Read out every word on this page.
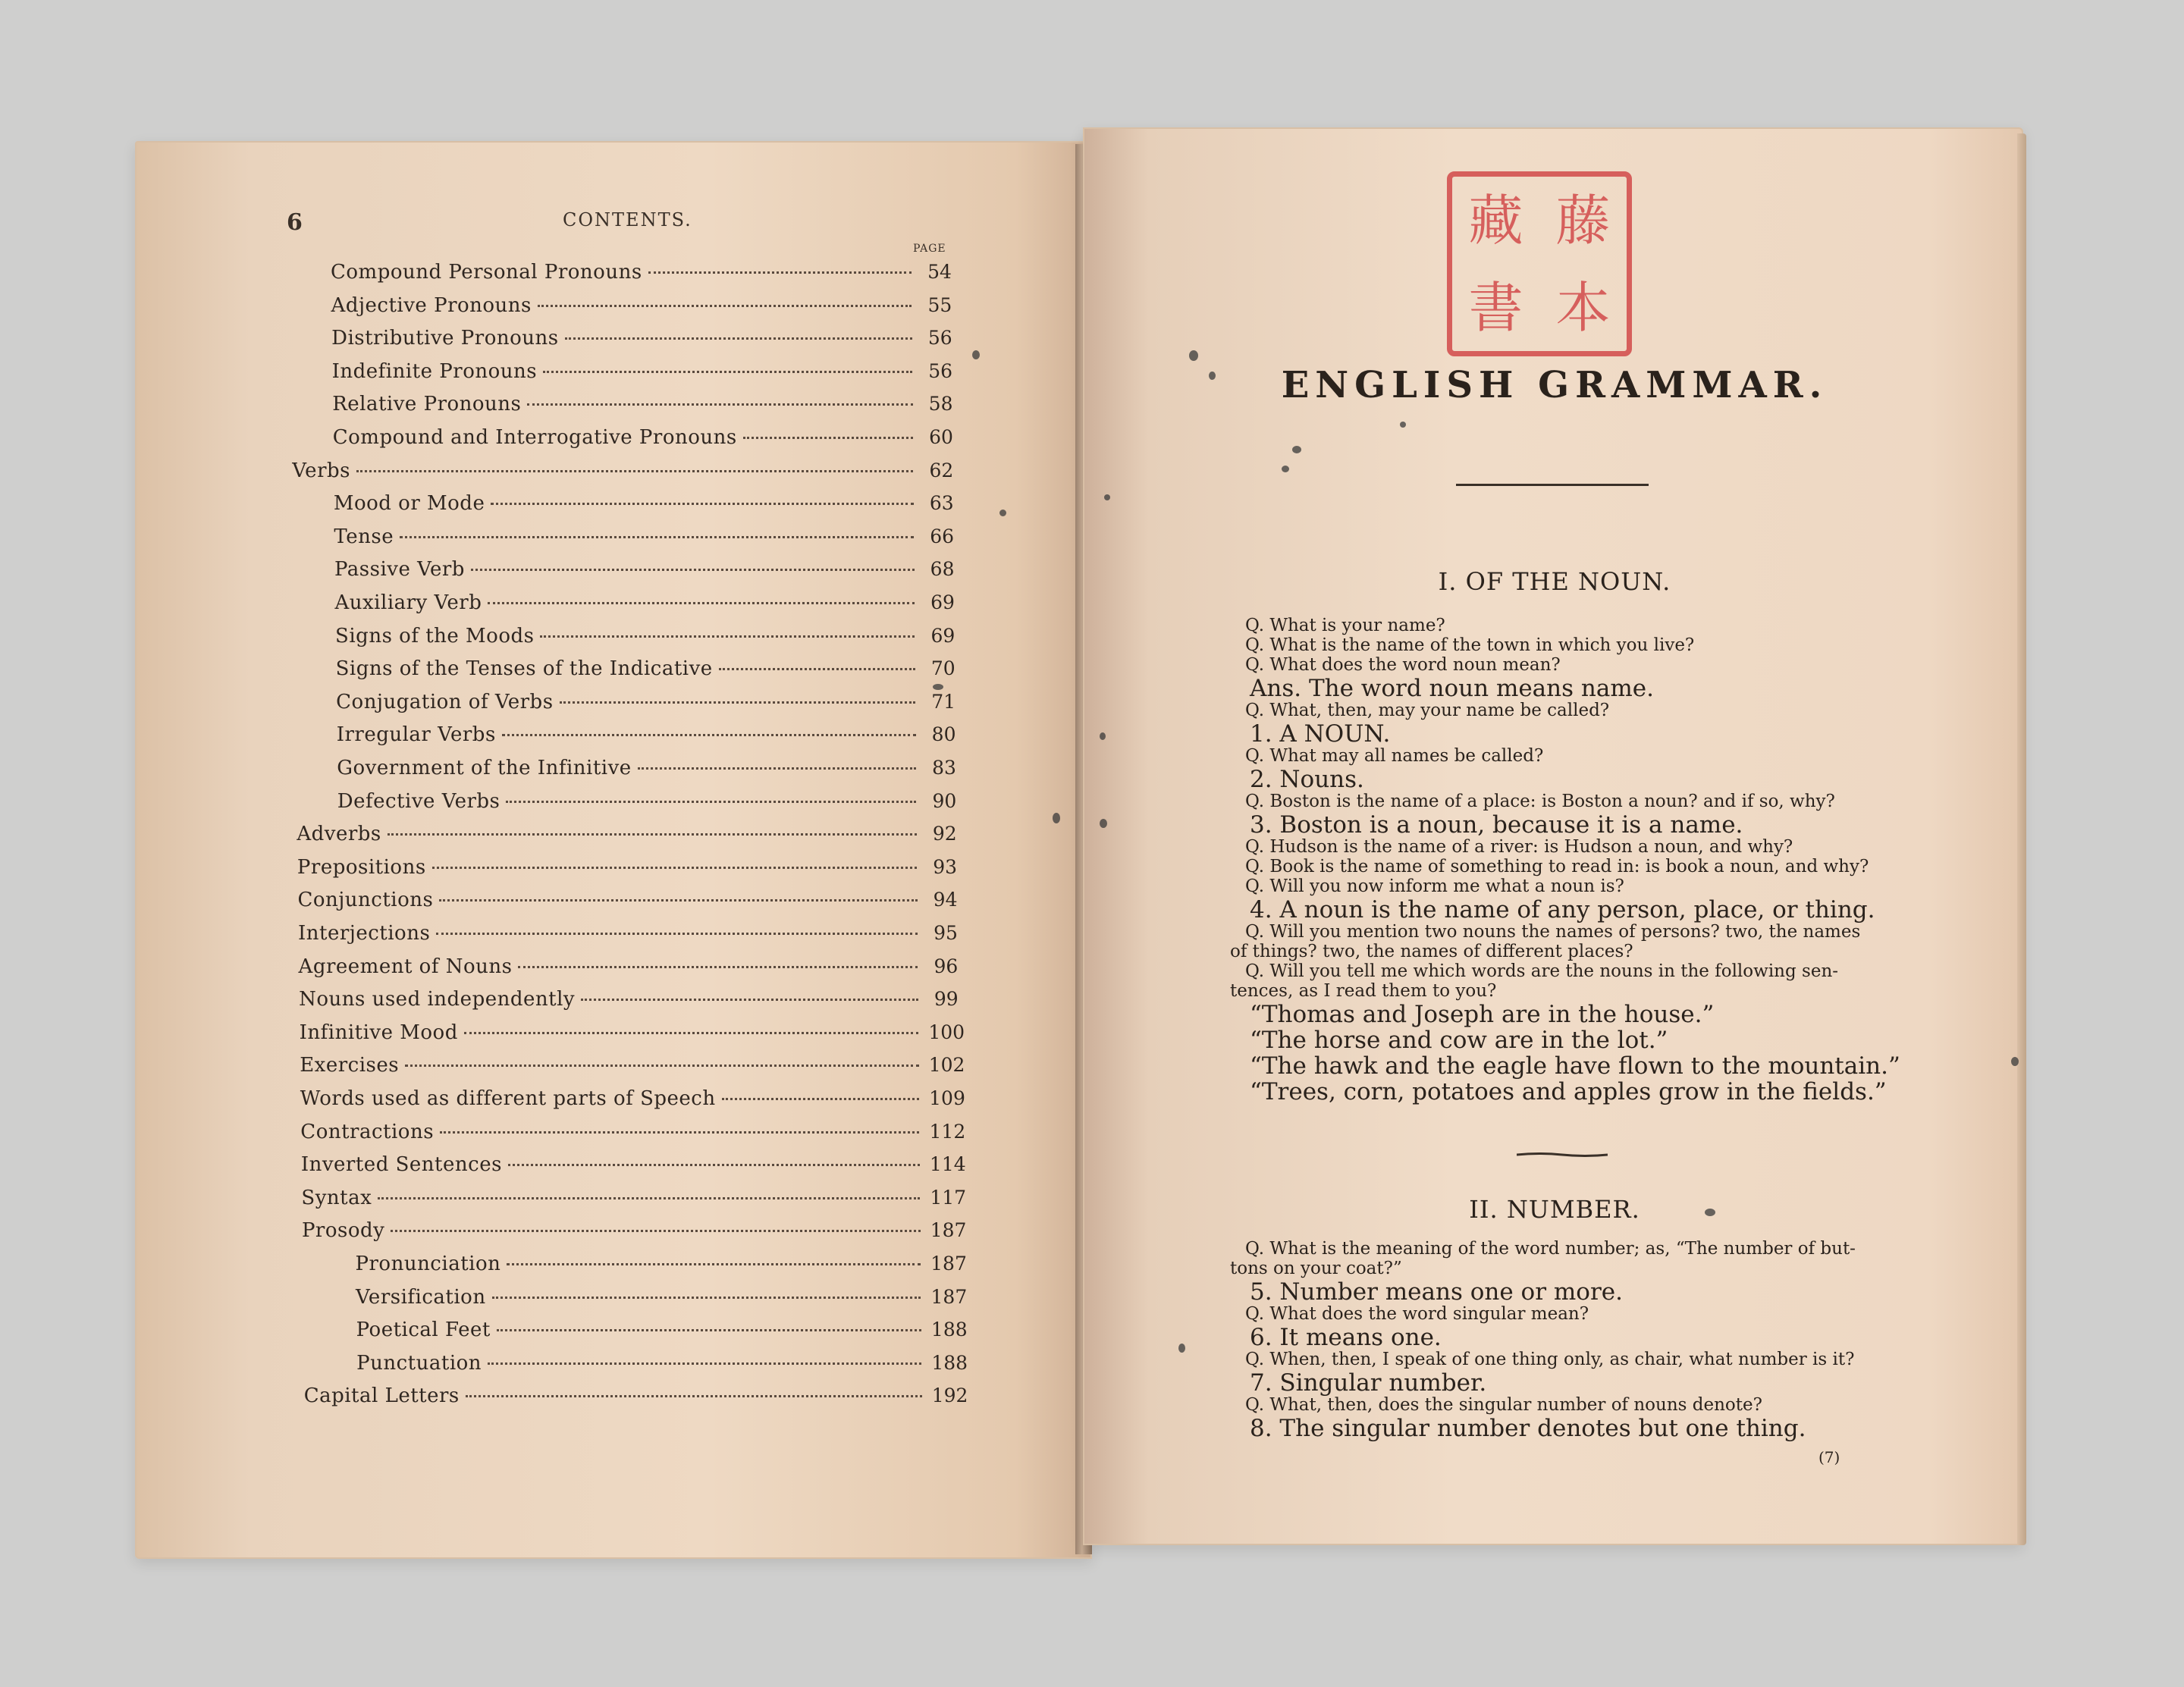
6	CONTENTS.
PAGE
Compound Personal Pronouns	54
Adjective Pronouns	55
Distributive Pronouns	56
Indefinite Pronouns	56
Relative Pronouns	58
Compound and Interrogative Pronouns	60
Verbs	62
Mood or Mode	63
Tense	66
Passive Verb	68
Auxiliary Verb	69
Signs of the Moods	69
Signs of the Tenses of the Indicative	70
Conjugation of Verbs	71
Irregular Verbs	80
Government of the Infinitive	83
Defective Verbs	90
Adverbs	92
Prepositions	93
Conjunctions	94
Interjections	95
Agreement of Nouns	96
Nouns used independently	99
Infinitive Mood	100
Exercises	102
Words used as different parts of Speech	109
Contractions	112
Inverted Sentences	114
Syntax	117
Prosody	187
Pronunciation	187
Versification	187
Poetical Feet	188
Punctuation	188
Capital Letters	192
藏 藤
書 本
ENGLISH GRAMMAR.
I. OF THE NOUN.
Q. What is your name?
Q. What is the name of the town in which you live?
Q. What does the word noun mean?
Ans. The word noun means name.
Q. What, then, may your name be called?
1. A NOUN.
Q. What may all names be called?
2. Nouns.
Q. Boston is the name of a place: is Boston a noun? and if so, why?
3. Boston is a noun, because it is a name.
Q. Hudson is the name of a river: is Hudson a noun, and why?
Q. Book is the name of something to read in: is book a noun, and why?
Q. Will you now inform me what a noun is?
4. A noun is the name of any person, place, or thing.
Q. Will you mention two nouns the names of persons? two, the names
of things? two, the names of different places?
Q. Will you tell me which words are the nouns in the following sen-
tences, as I read them to you?
“Thomas and Joseph are in the house.”
“The horse and cow are in the lot.”
“The hawk and the eagle have flown to the mountain.”
“Trees, corn, potatoes and apples grow in the fields.”
II. NUMBER.
Q. What is the meaning of the word number; as, “The number of but-
tons on your coat?”
5. Number means one or more.
Q. What does the word singular mean?
6. It means one.
Q. When, then, I speak of one thing only, as chair, what number is it?
7. Singular number.
Q. What, then, does the singular number of nouns denote?
8. The singular number denotes but one thing.
(7)
